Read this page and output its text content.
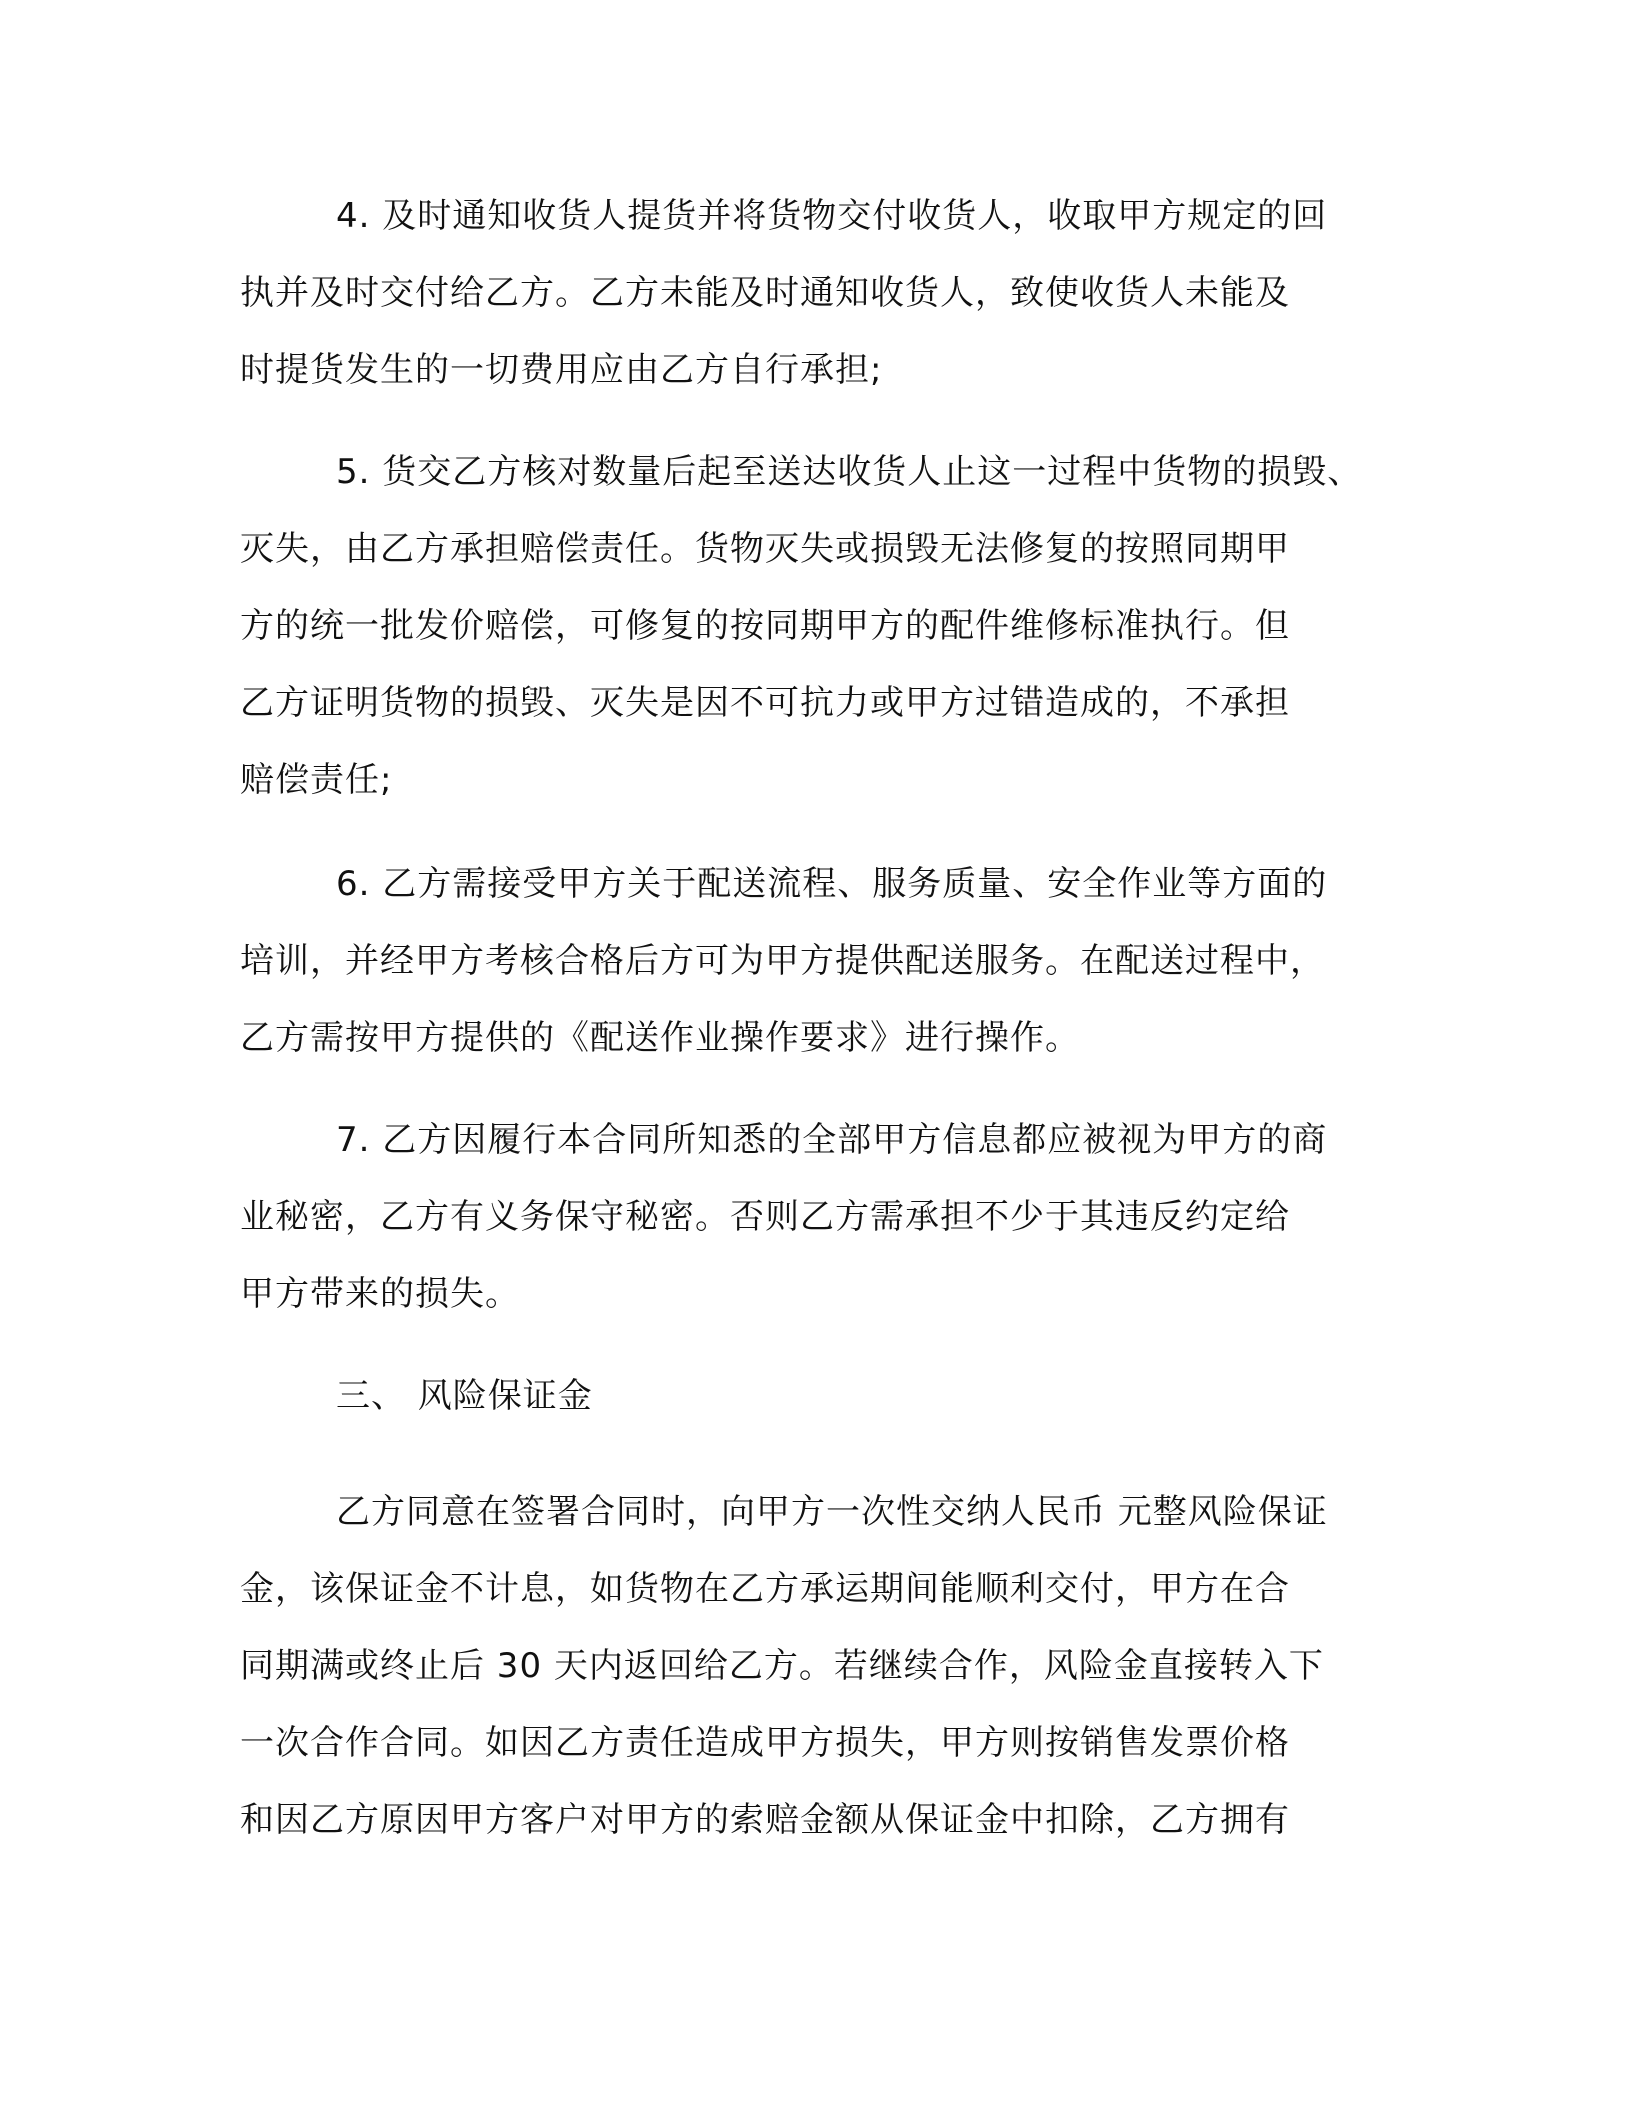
4. 及时通知收货人提货并将货物交付收货人，收取甲方规定的回
执并及时交付给乙方。乙方未能及时通知收货人，致使收货人未能及
时提货发生的一切费用应由乙方自行承担;
5. 货交乙方核对数量后起至送达收货人止这一过程中货物的损毁、
灭失，由乙方承担赔偿责任。货物灭失或损毁无法修复的按照同期甲
方的统一批发价赔偿，可修复的按同期甲方的配件维修标准执行。但
乙方证明货物的损毁、灭失是因不可抗力或甲方过错造成的，不承担
赔偿责任;
6. 乙方需接受甲方关于配送流程、服务质量、安全作业等方面的
培训，并经甲方考核合格后方可为甲方提供配送服务。在配送过程中，
乙方需按甲方提供的《配送作业操作要求》进行操作。
7. 乙方因履行本合同所知悉的全部甲方信息都应被视为甲方的商
业秘密，乙方有义务保守秘密。否则乙方需承担不少于其违反约定给
甲方带来的损失。
三、 风险保证金
乙方同意在签署合同时，向甲方一次性交纳人民币 元整风险保证
金，该保证金不计息，如货物在乙方承运期间能顺利交付，甲方在合
同期满或终止后 30 天内返回给乙方。若继续合作，风险金直接转入下
一次合作合同。如因乙方责任造成甲方损失，甲方则按销售发票价格
和因乙方原因甲方客户对甲方的索赔金额从保证金中扣除，乙方拥有
